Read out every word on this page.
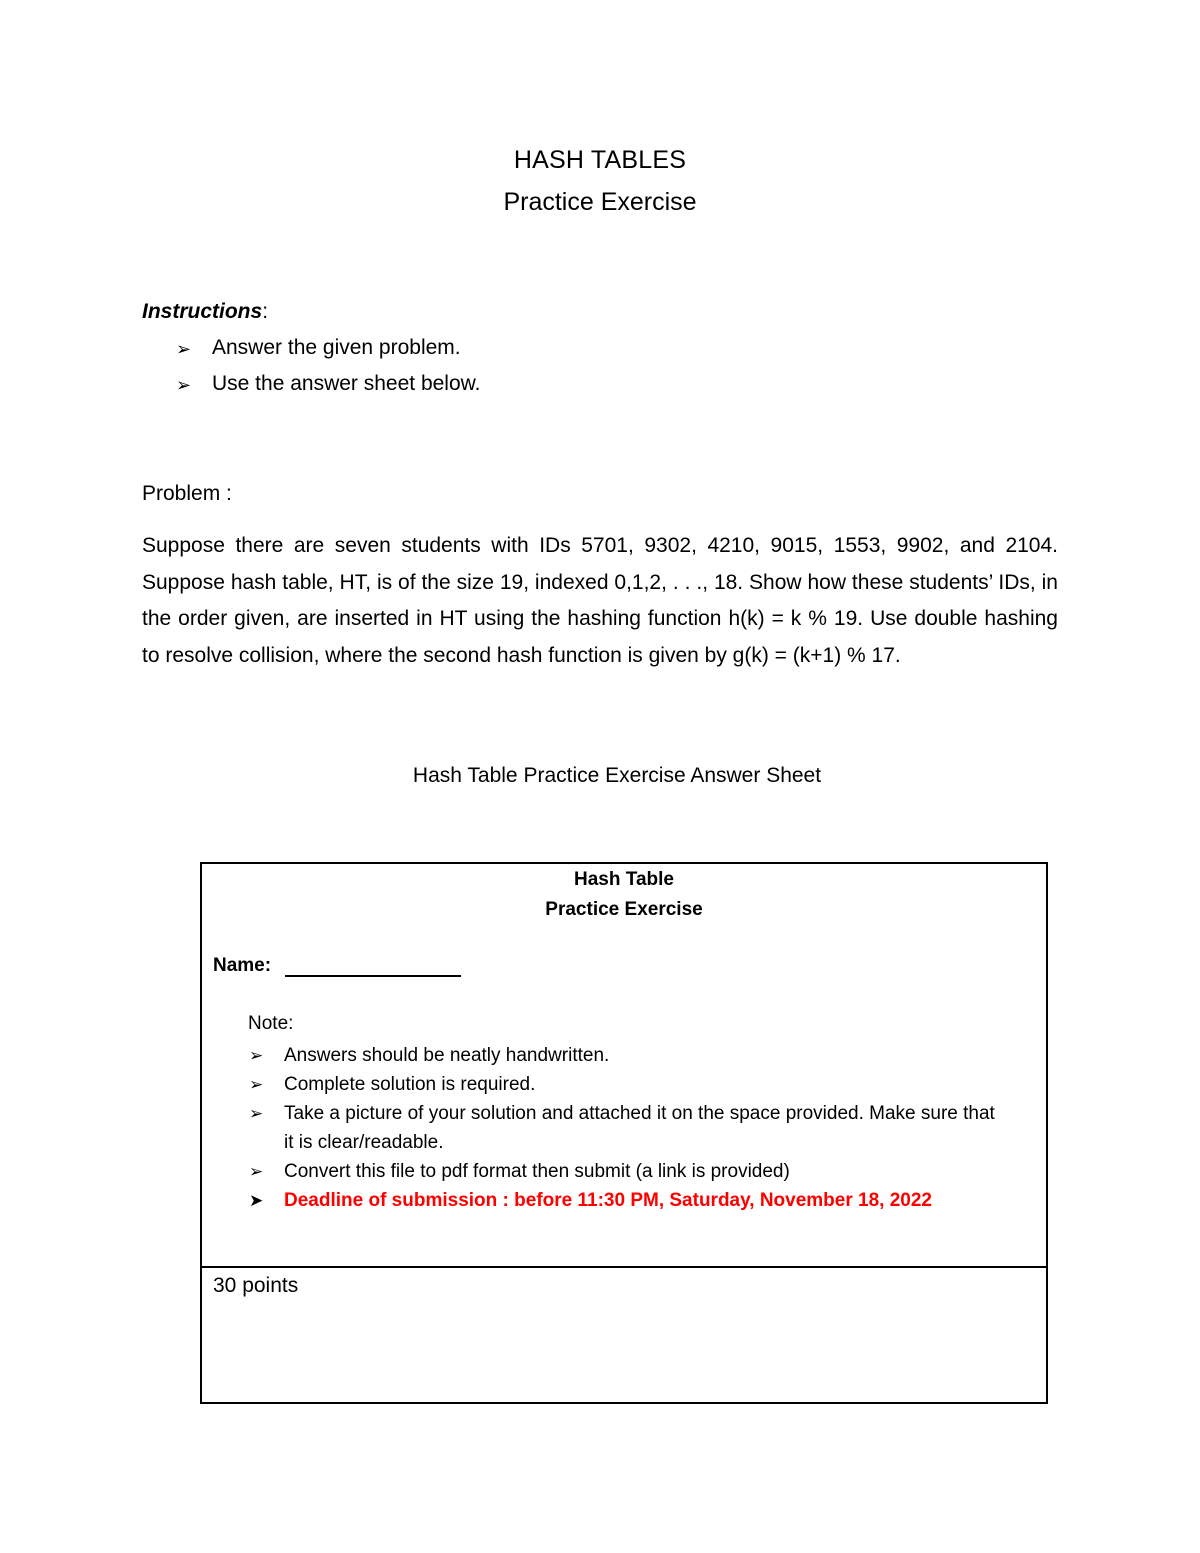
HASH TABLES
Practice Exercise
Instructions:
➢ Answer the given problem.
➢ Use the answer sheet below.
Problem :
Suppose there are seven students with IDs 5701, 9302, 4210, 9015, 1553, 9902, and 2104. Suppose hash table, HT, is of the size 19, indexed 0,1,2, . . ., 18. Show how these students’ IDs, in the order given, are inserted in HT using the hashing function h(k) = k % 19. Use double hashing to resolve collision, where the second hash function is given by g(k) = (k+1) % 17.
Hash Table Practice Exercise Answer Sheet
Hash Table
Practice Exercise
Name:
Note:
➢	Answers should be neatly handwritten.
➢	Complete solution is required.
➢	Take a picture of your solution and attached it on the space provided. Make sure that it is clear/readable.
➢	Convert this file to pdf format then submit (a link is provided)
➤	Deadline of submission : before 11:30 PM, Saturday, November 18, 2022
30 points
